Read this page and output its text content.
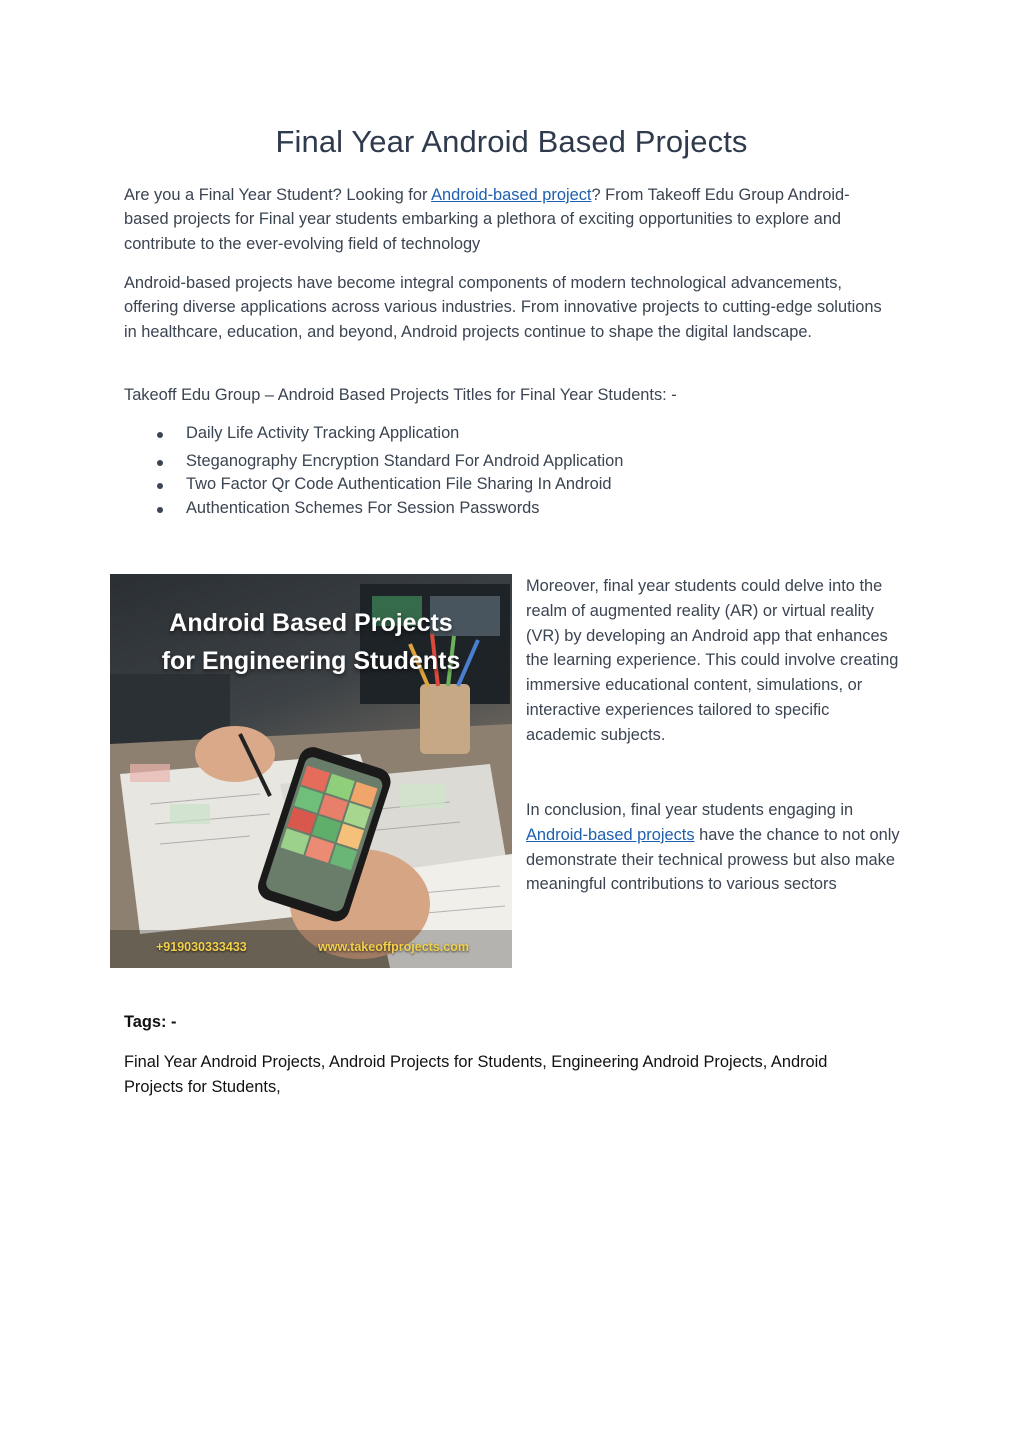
Final Year Android Based Projects

Are you a Final Year Student? Looking for Android-based project? From Takeoff Edu Group Android-based projects for Final year students embarking a plethora of exciting opportunities to explore and contribute to the ever-evolving field of technology

Android-based projects have become integral components of modern technological advancements, offering diverse applications across various industries. From innovative projects to cutting-edge solutions in healthcare, education, and beyond, Android projects continue to shape the digital landscape.

Takeoff Edu Group – Android Based Projects Titles for Final Year Students: -

Daily Life Activity Tracking Application
Steganography Encryption Standard For Android Application
Two Factor Qr Code Authentication File Sharing In Android
Authentication Schemes For Session Passwords
Android Based Projects
for Engineering Students
+919030333433	www.takeoffprojects.com

Moreover, final year students could delve into the realm of augmented reality (AR) or virtual reality (VR) by developing an Android app that enhances the learning experience. This could involve creating immersive educational content, simulations, or interactive experiences tailored to specific academic subjects.

In conclusion, final year students engaging in Android-based projects have the chance to not only demonstrate their technical prowess but also make meaningful contributions to various sectors

Tags: -

Final Year Android Projects, Android Projects for Students, Engineering Android Projects, Android Projects for Students,
